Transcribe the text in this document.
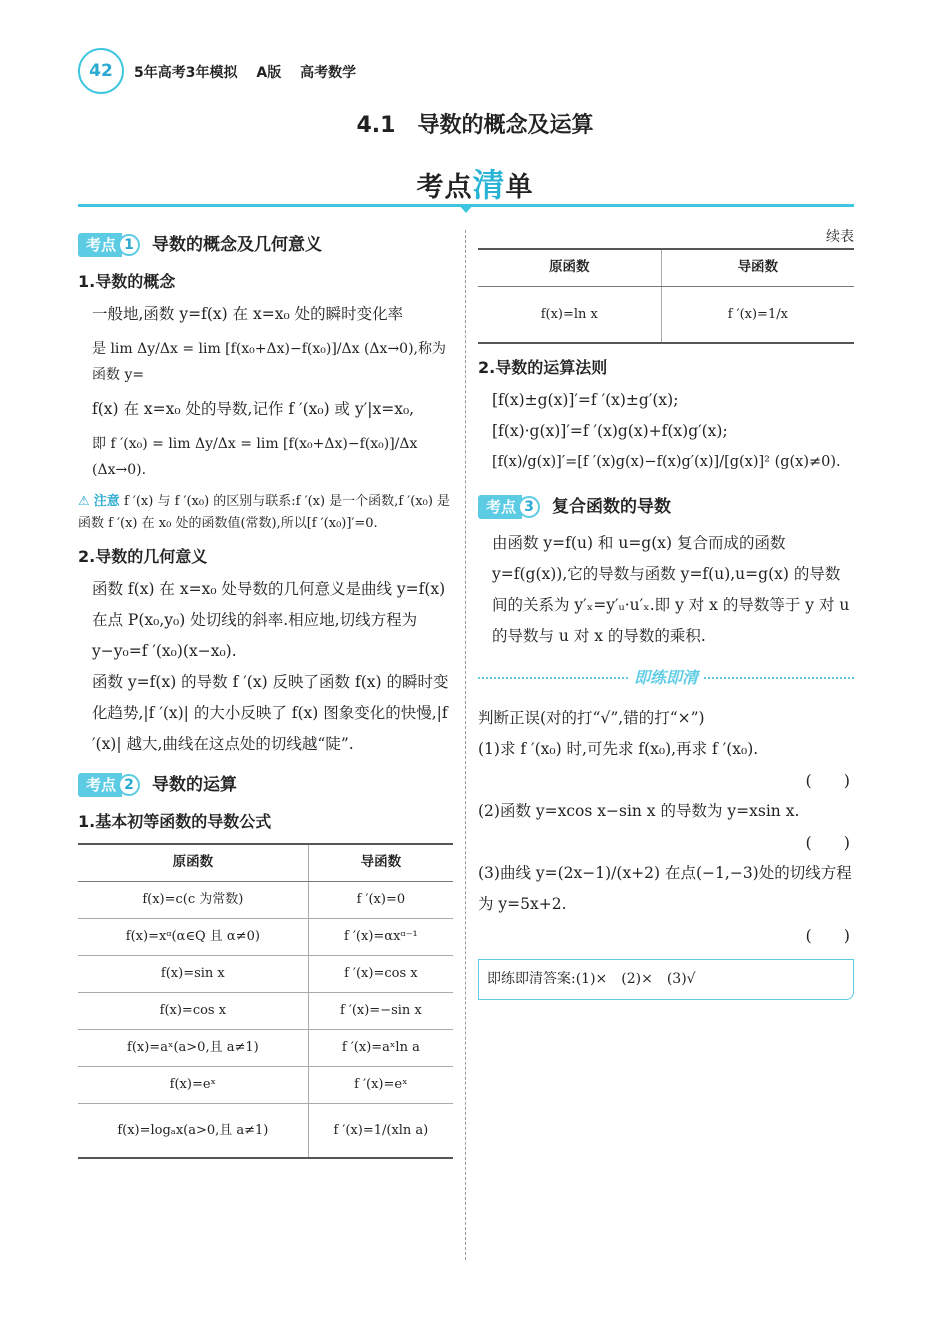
42	5年高考3年模拟 A版 高考数学
4.1　导数的概念及运算
考点清单
考点 1	导数的概念及几何意义
1.导数的概念
一般地,函数 y=f(x) 在 x=x₀ 处的瞬时变化率
是 lim Δy/Δx = lim [f(x₀+Δx)−f(x₀)]/Δx (Δx→0),称为函数 y=
f(x) 在 x=x₀ 处的导数,记作 f ′(x₀) 或 y′|x=x₀,
即 f ′(x₀) = lim Δy/Δx = lim [f(x₀+Δx)−f(x₀)]/Δx (Δx→0).
⚠ 注意 f ′(x) 与 f ′(x₀) 的区别与联系:f ′(x) 是一个函数,f ′(x₀) 是函数 f ′(x) 在 x₀ 处的函数值(常数),所以[f ′(x₀)]′=0.
2.导数的几何意义
函数 f(x) 在 x=x₀ 处导数的几何意义是曲线 y=f(x) 在点 P(x₀,y₀) 处切线的斜率.相应地,切线方程为 y−y₀=f ′(x₀)(x−x₀).
函数 y=f(x) 的导数 f ′(x) 反映了函数 f(x) 的瞬时变化趋势,|f ′(x)| 的大小反映了 f(x) 图象变化的快慢,|f ′(x)| 越大,曲线在这点处的切线越“陡”.
考点 2	导数的运算
1.基本初等函数的导数公式
原函数	导函数
f(x)=c(c 为常数)	f ′(x)=0
f(x)=xᵅ(α∈Q 且 α≠0)	f ′(x)=αxᵅ⁻¹
f(x)=sin x	f ′(x)=cos x
f(x)=cos x	f ′(x)=−sin x
f(x)=aˣ(a>0,且 a≠1)	f ′(x)=aˣln a
f(x)=eˣ	f ′(x)=eˣ
f(x)=logₐx(a>0,且 a≠1)	f ′(x)=1/(xln a)
续表
原函数	导函数
f(x)=ln x	f ′(x)=1/x
2.导数的运算法则
[f(x)±g(x)]′=f ′(x)±g′(x);
[f(x)·g(x)]′=f ′(x)g(x)+f(x)g′(x);
[f(x)/g(x)]′=[f ′(x)g(x)−f(x)g′(x)]/[g(x)]² (g(x)≠0).
考点 3	复合函数的导数
由函数 y=f(u) 和 u=g(x) 复合而成的函数 y=f(g(x)),它的导数与函数 y=f(u),u=g(x) 的导数间的关系为 y′ₓ=y′ᵤ·u′ₓ.即 y 对 x 的导数等于 y 对 u 的导数与 u 对 x 的导数的乘积.
即练即清
判断正误(对的打“√”,错的打“×”)
(1)求 f ′(x₀) 时,可先求 f(x₀),再求 f ′(x₀).
(　　)
(2)函数 y=xcos x−sin x 的导数为 y=xsin x.
(　　)
(3)曲线 y=(2x−1)/(x+2) 在点(−1,−3)处的切线方程为 y=5x+2.
(　　)
即练即清答案:(1)×　(2)×　(3)√
